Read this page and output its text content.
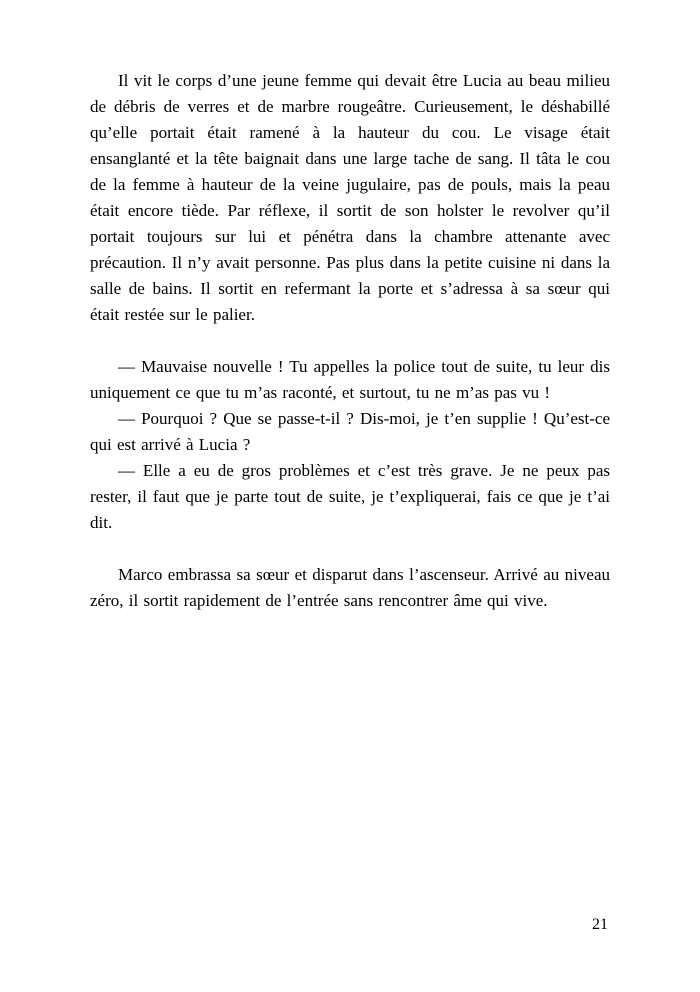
Il vit le corps d’une jeune femme qui devait être Lucia au beau milieu de débris de verres et de marbre rougeâtre. Curieusement, le déshabillé qu’elle portait était ramené à la hauteur du cou. Le visage était ensanglanté et la tête baignait dans une large tache de sang. Il tâta le cou de la femme à hauteur de la veine jugulaire, pas de pouls, mais la peau était encore tiède. Par réflexe, il sortit de son holster le revolver qu’il portait toujours sur lui et pénétra dans la chambre attenante avec précaution. Il n’y avait personne. Pas plus dans la petite cuisine ni dans la salle de bains. Il sortit en refermant la porte et s’adressa à sa sœur qui était restée sur le palier.

— Mauvaise nouvelle ! Tu appelles la police tout de suite, tu leur dis uniquement ce que tu m’as raconté, et surtout, tu ne m’as pas vu !

— Pourquoi ? Que se passe-t-il ? Dis-moi, je t’en supplie ! Qu’est-ce qui est arrivé à Lucia ?

— Elle a eu de gros problèmes et c’est très grave. Je ne peux pas rester, il faut que je parte tout de suite, je t’expliquerai, fais ce que je t’ai dit.

Marco embrassa sa sœur et disparut dans l’ascenseur. Arrivé au niveau zéro, il sortit rapidement de l’entrée sans rencontrer âme qui vive.

21
